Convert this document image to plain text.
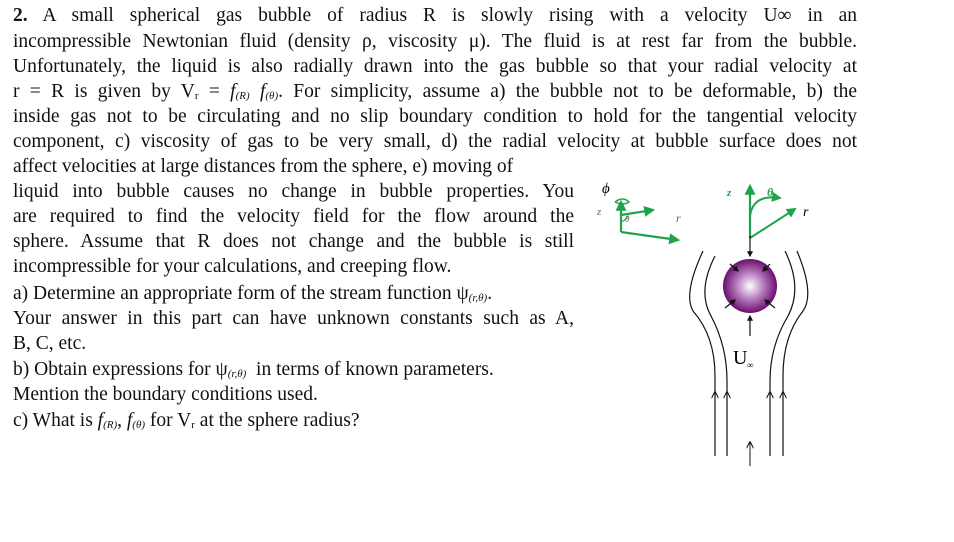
2. A small spherical gas bubble of radius R is slowly rising with a velocity U∞ in an
incompressible Newtonian fluid (density ρ, viscosity μ). The fluid is at rest far from the bubble.
Unfortunately, the liquid is also radially drawn into the gas bubble so that your radial velocity at
r = R is given by Vr = f(R) f(θ). For simplicity, assume a) the bubble not to be deformable, b) the
inside gas not to be circulating and no slip boundary condition to hold for the tangential velocity
component, c) viscosity of gas to be very small, d) the radial velocity at bubble surface does not
affect velocities at large distances from the sphere, e) moving of
liquid into bubble causes no change in bubble properties. You
are required to find the velocity field for the flow around the
sphere. Assume that R does not change and the bubble is still
incompressible for your calculations, and creeping flow.
a) Determine an appropriate form of the stream function ψ(r,θ).
Your answer in this part can have unknown constants such as A,
B, C, etc.
b) Obtain expressions for ψ(r,θ)  in terms of known parameters.
Mention the boundary conditions used.
c) What is f(R), f(θ) for Vr at the sphere radius?
ϕ
z
θ	r
z	θ
r
U ∞
